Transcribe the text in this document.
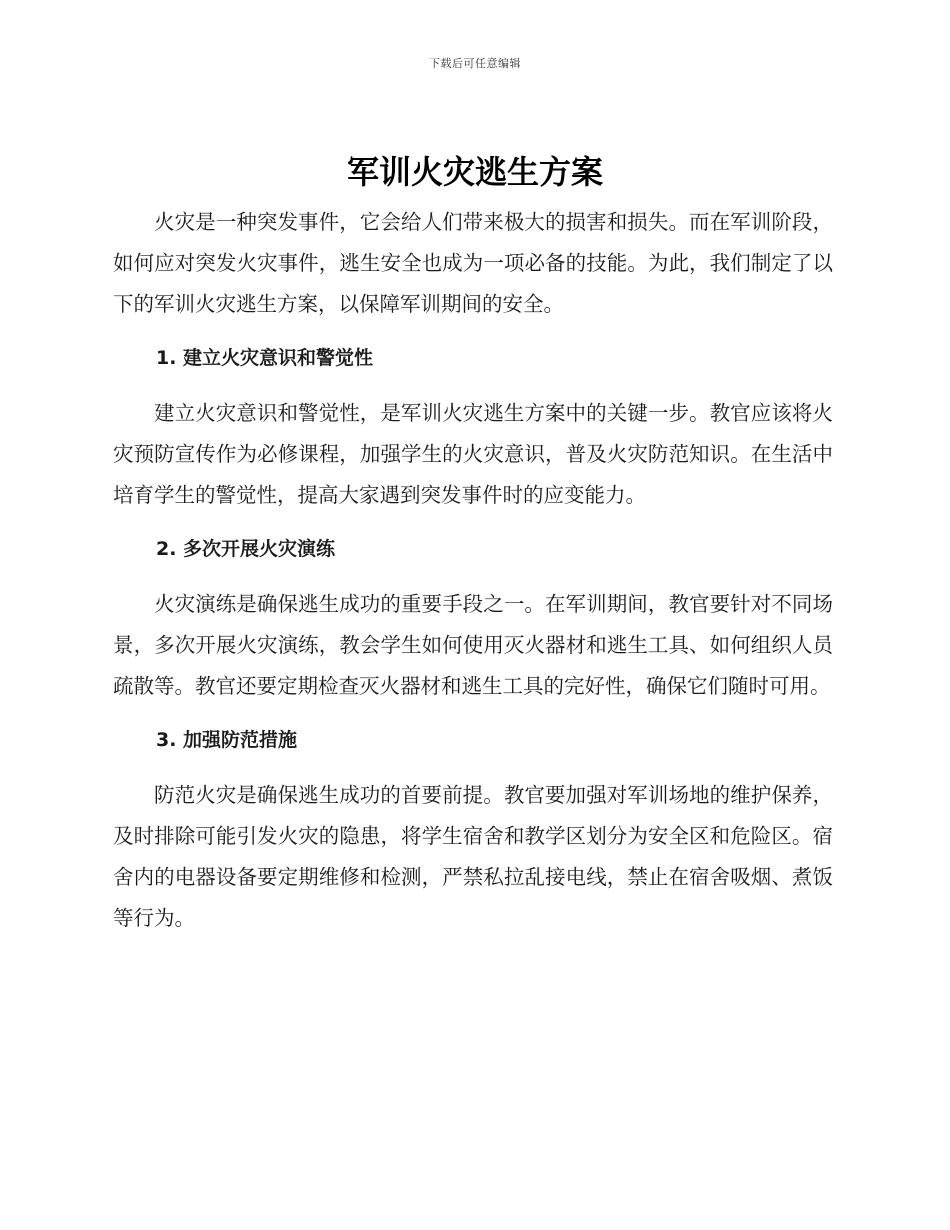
下载后可任意编辑
军训火灾逃生方案

火灾是一种突发事件，它会给人们带来极大的损害和损失。而在军训阶段，如何应对突发火灾事件，逃生安全也成为一项必备的技能。为此，我们制定了以下的军训火灾逃生方案，以保障军训期间的安全。

1. 建立火灾意识和警觉性

建立火灾意识和警觉性，是军训火灾逃生方案中的关键一步。教官应该将火灾预防宣传作为必修课程，加强学生的火灾意识，普及火灾防范知识。在生活中培育学生的警觉性，提高大家遇到突发事件时的应变能力。

2. 多次开展火灾演练

火灾演练是确保逃生成功的重要手段之一。在军训期间，教官要针对不同场景，多次开展火灾演练，教会学生如何使用灭火器材和逃生工具、如何组织人员疏散等。教官还要定期检查灭火器材和逃生工具的完好性，确保它们随时可用。

3. 加强防范措施

防范火灾是确保逃生成功的首要前提。教官要加强对军训场地的维护保养，及时排除可能引发火灾的隐患，将学生宿舍和教学区划分为安全区和危险区。宿舍内的电器设备要定期维修和检测，严禁私拉乱接电线，禁止在宿舍吸烟、煮饭等行为。
